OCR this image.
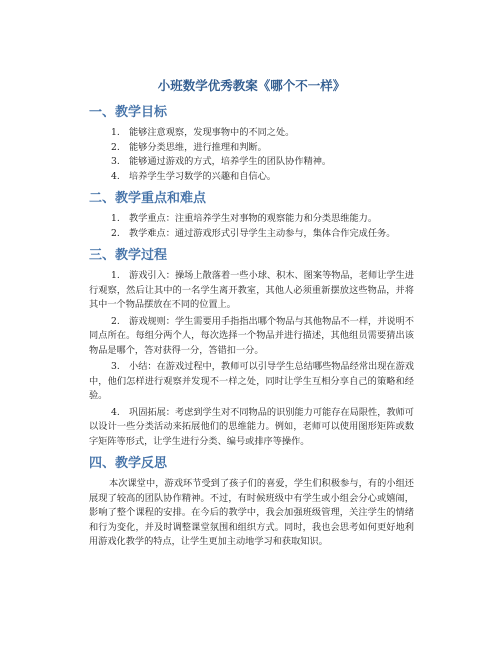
小班数学优秀教案《哪个不一样》
一、教学目标
1.	能够注意观察，发现事物中的不同之处。
2.	能够分类思维，进行推理和判断。
3.	能够通过游戏的方式，培养学生的团队协作精神。
4.	培养学生学习数学的兴趣和自信心。
二、教学重点和难点
1.	教学重点：注重培养学生对事物的观察能力和分类思维能力。
2.	教学难点：通过游戏形式引导学生主动参与，集体合作完成任务。
三、教学过程
1. 游戏引入：操场上散落着一些小球、积木、图案等物品，老师让学生进行观察，然后让其中的一名学生离开教室，其他人必须重新摆放这些物品，并将其中一个物品摆放在不同的位置上。
2. 游戏规则：学生需要用手指指出哪个物品与其他物品不一样，并说明不同点所在。每组分两个人，每次选择一个物品并进行描述，其他组员需要猜出该物品是哪个，答对获得一分，答错扣一分。
3. 小结：在游戏过程中，教师可以引导学生总结哪些物品经常出现在游戏中，他们怎样进行观察并发现不一样之处，同时让学生互相分享自己的策略和经验。
4. 巩固拓展：考虑到学生对不同物品的识别能力可能存在局限性，教师可以设计一些分类活动来拓展他们的思维能力。例如，老师可以使用图形矩阵或数字矩阵等形式，让学生进行分类、编号或排序等操作。
四、教学反思

本次课堂中，游戏环节受到了孩子们的喜爱，学生们积极参与，有的小组还展现了较高的团队协作精神。不过，有时候班级中有学生或小组会分心或嬉闹，影响了整个课程的安排。在今后的教学中，我会加强班级管理，关注学生的情绪和行为变化，并及时调整课堂氛围和组织方式。同时，我也会思考如何更好地利用游戏化教学的特点，让学生更加主动地学习和获取知识。
